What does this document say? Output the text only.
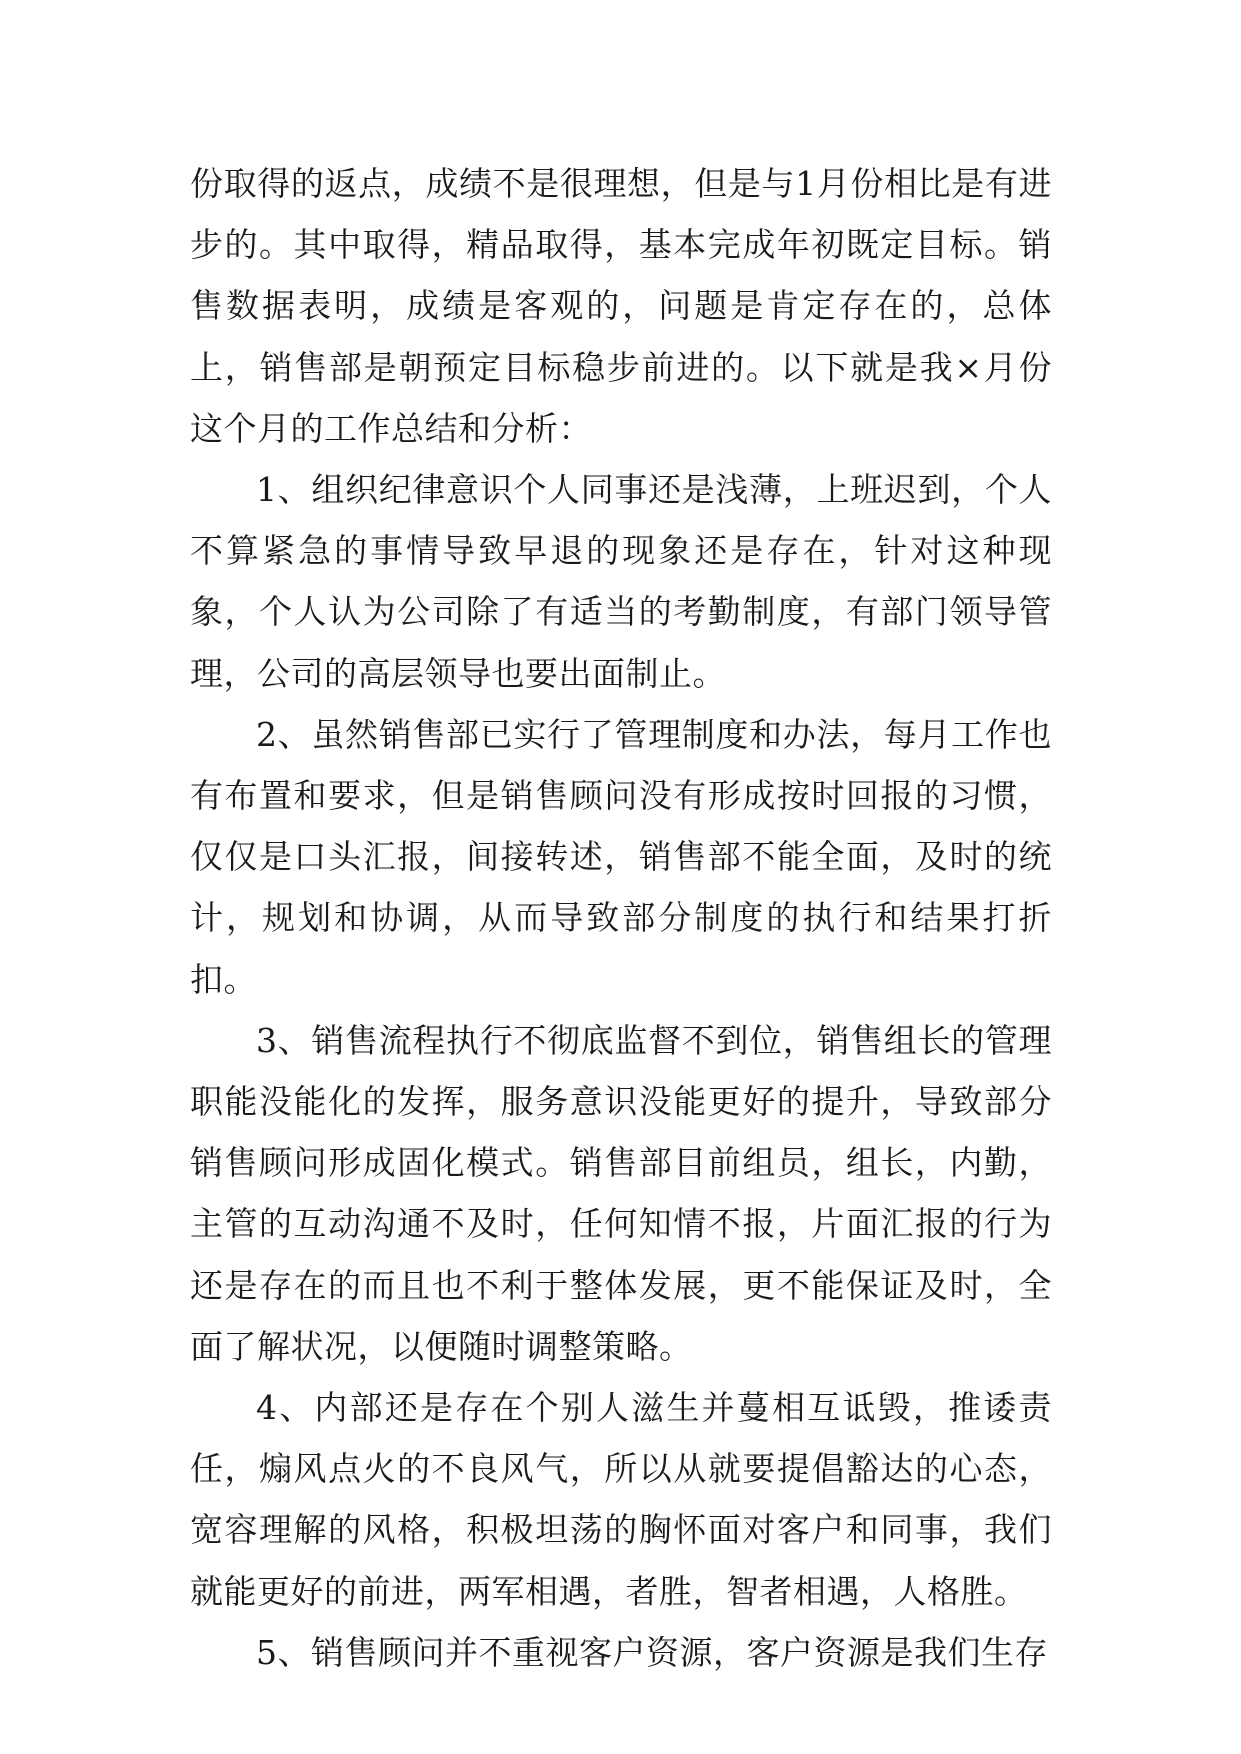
份取得的返点，成绩不是很理想，但是与1月份相比是有进步的。其中取得，精品取得，基本完成年初既定目标。销售数据表明，成绩是客观的，问题是肯定存在的，总体上，销售部是朝预定目标稳步前进的。以下就是我×月份这个月的工作总结和分析：

1、组织纪律意识个人同事还是浅薄，上班迟到，个人不算紧急的事情导致早退的现象还是存在，针对这种现象，个人认为公司除了有适当的考勤制度，有部门领导管理，公司的高层领导也要出面制止。

2、虽然销售部已实行了管理制度和办法，每月工作也有布置和要求，但是销售顾问没有形成按时回报的习惯，仅仅是口头汇报，间接转述，销售部不能全面，及时的统计，规划和协调，从而导致部分制度的执行和结果打折扣。

3、销售流程执行不彻底监督不到位，销售组长的管理职能没能化的发挥，服务意识没能更好的提升，导致部分销售顾问形成固化模式。销售部目前组员，组长，内勤，主管的互动沟通不及时，任何知情不报，片面汇报的行为还是存在的而且也不利于整体发展，更不能保证及时，全面了解状况，以便随时调整策略。

4、内部还是存在个别人滋生并蔓相互诋毁，推诿责任，煽风点火的不良风气，所以从就要提倡豁达的心态，宽容理解的风格，积极坦荡的胸怀面对客户和同事，我们就能更好的前进，两军相遇，者胜，智者相遇，人格胜。

5、销售顾问并不重视客户资源，客户资源是我们生存
